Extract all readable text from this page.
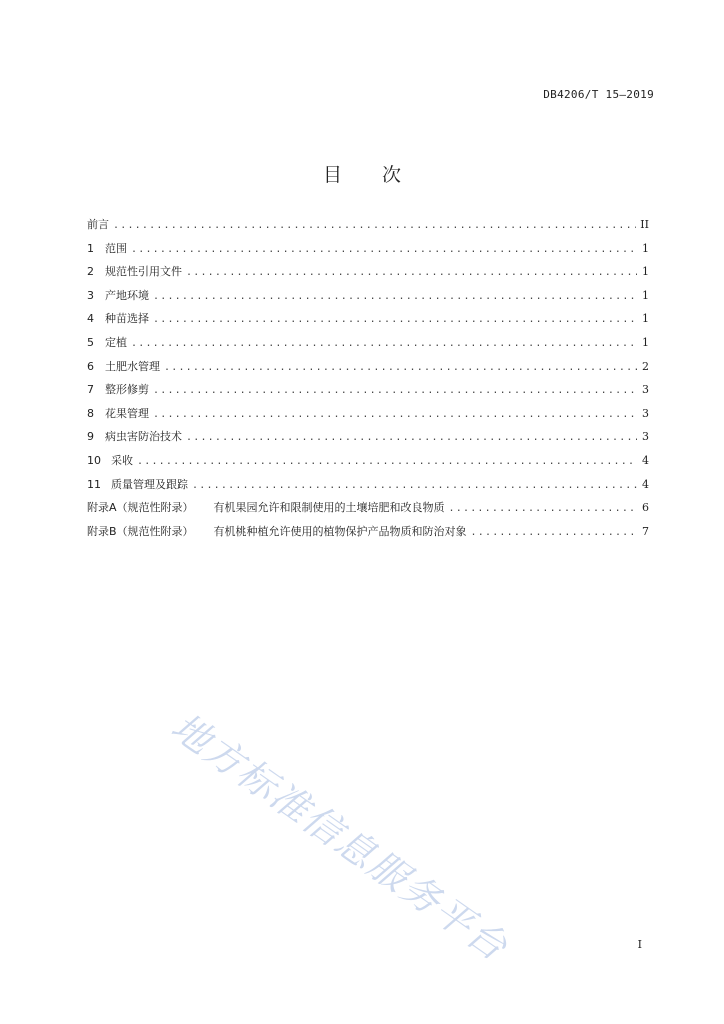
DB4206/T 15—2019
目 次
前言 .....	II
1	范围 .....	1
2	规范性引用文件 .....	1
3	产地环境 .....	1
4	种苗选择 .....	1
5	定植 .....	1
6	土肥水管理 .....	2
7	整形修剪 .....	3
8	花果管理 .....	3
9	病虫害防治技术 .....	3
10 采收 .....	4
11 质量管理及跟踪 .....	4
附录A（规范性附录） 有机果园允许和限制使用的土壤培肥和改良物质 .....	6
附录B（规范性附录） 有机桃种植允许使用的植物保护产品物质和防治对象 .....	7
地方标准信息服务平台	I
